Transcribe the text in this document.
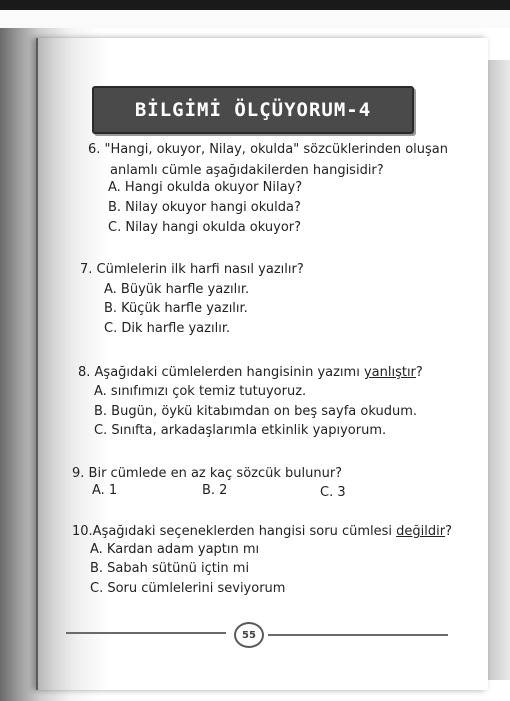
BİLGİMİ ÖLÇÜYORUM-4
6. "Hangi, okuyor, Nilay, okulda" sözcüklerinden oluşan
anlamlı cümle aşağıdakilerden hangisidir?
A. Hangi okulda okuyor Nilay?
B. Nilay okuyor hangi okulda?
C. Nilay hangi okulda okuyor?
7. Cümlelerin ilk harfi nasıl yazılır?
A. Büyük harfle yazılır.
B. Küçük harfle yazılır.
C. Dik harfle yazılır.
8. Aşağıdaki cümlelerden hangisinin yazımı yanlıştır?
A. sınıfımızı çok temiz tutuyoruz.
B. Bugün, öykü kitabımdan on beş sayfa okudum.
C. Sınıfta, arkadaşlarımla etkinlik yapıyorum.
9. Bir cümlede en az kaç sözcük bulunur?
A. 1	B. 2	C. 3
10.Aşağıdaki seçeneklerden hangisi soru cümlesi değildir?
A. Kardan adam yaptın mı
B. Sabah sütünü içtin mi
C. Soru cümlelerini seviyorum
55
